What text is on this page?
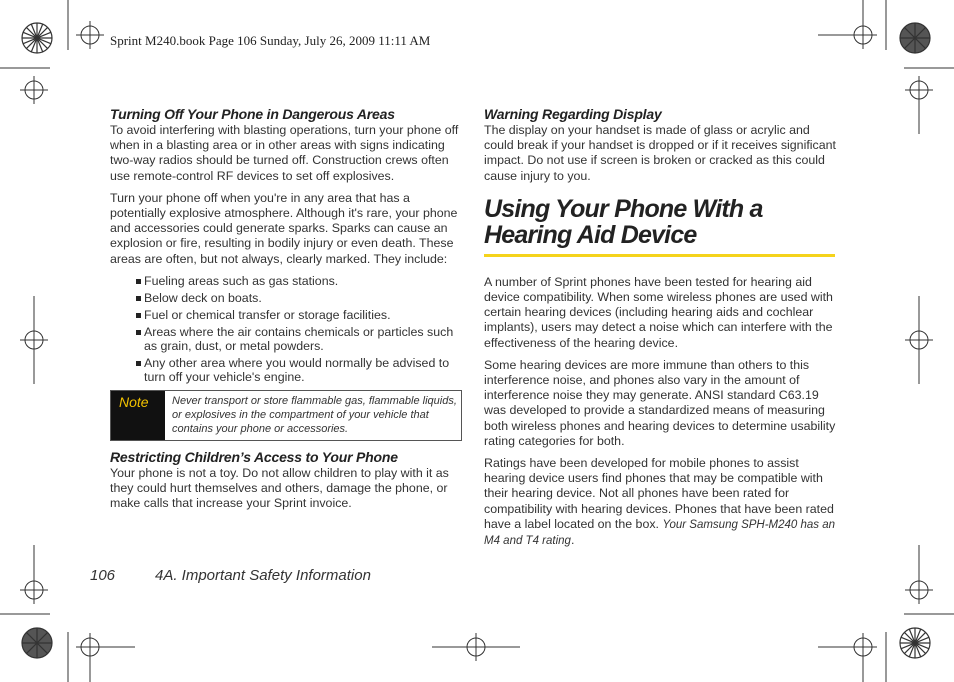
Sprint M240.book Page 106 Sunday, July 26, 2009 11:11 AM
Turning Off Your Phone in Dangerous Areas

To avoid interfering with blasting operations, turn your phone off when in a blasting area or in other areas with signs indicating two-way radios should be turned off. Construction crews often use remote-control RF devices to set off explosives.

Turn your phone off when you're in any area that has a potentially explosive atmosphere. Although it's rare, your phone and accessories could generate sparks. Sparks can cause an explosion or fire, resulting in bodily injury or even death. These areas are often, but not always, clearly marked. They include:

Fueling areas such as gas stations.
Below deck on boats.
Fuel or chemical transfer or storage facilities.
Areas where the air contains chemicals or particles such as grain, dust, or metal powders.
Any other area where you would normally be advised to turn off your vehicle's engine.
Note	Never transport or store flammable gas, flammable liquids, or explosives in the compartment of your vehicle that contains your phone or accessories.
Restricting Children’s Access to Your Phone

Your phone is not a toy. Do not allow children to play with it as they could hurt themselves and others, damage the phone, or make calls that increase your Sprint invoice.

Warning Regarding Display

The display on your handset is made of glass or acrylic and could break if your handset is dropped or if it receives significant impact. Do not use if screen is broken or cracked as this could cause injury to you.

Using Your Phone With a Hearing Aid Device

A number of Sprint phones have been tested for hearing aid device compatibility. When some wireless phones are used with certain hearing devices (including hearing aids and cochlear implants), users may detect a noise which can interfere with the effectiveness of the hearing device.

Some hearing devices are more immune than others to this interference noise, and phones also vary in the amount of interference noise they may generate. ANSI standard C63.19 was developed to provide a standardized means of measuring both wireless phones and hearing devices to determine usability rating categories for both.

Ratings have been developed for mobile phones to assist hearing device users find phones that may be compatible with their hearing device. Not all phones have been rated for compatibility with hearing devices. Phones that have been rated have a label located on the box. Your Samsung SPH-M240 has an M4 and T4 rating.

106	4A. Important Safety Information
